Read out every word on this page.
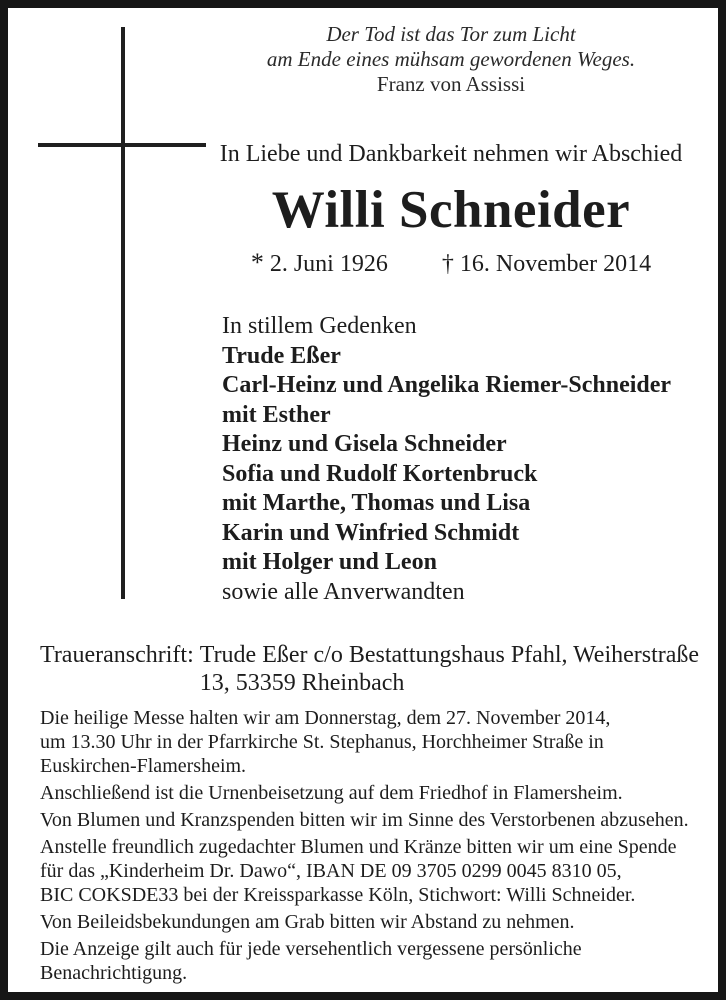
Der Tod ist das Tor zum Licht
am Ende eines mühsam gewordenen Weges.
Franz von Assissi
In Liebe und Dankbarkeit nehmen wir Abschied
Willi Schneider
* 2. Juni 1926 † 16. November 2014
In stillem Gedenken
Trude Eßer
Carl-Heinz und Angelika Riemer-Schneider
mit Esther
Heinz und Gisela Schneider
Sofia und Rudolf Kortenbruck
mit Marthe, Thomas und Lisa
Karin und Winfried Schmidt
mit Holger und Leon
sowie alle Anverwandten
Traueranschrift: Trude Eßer c/o Bestattungshaus Pfahl, Weiherstraße 13, 53359 Rheinbach

Die heilige Messe halten wir am Donnerstag, dem 27. November 2014,
um 13.30 Uhr in der Pfarrkirche St. Stephanus, Horchheimer Straße in
Euskirchen-Flamersheim.

Anschließend ist die Urnenbeisetzung auf dem Friedhof in Flamersheim.

Von Blumen und Kranzspenden bitten wir im Sinne des Verstorbenen abzusehen.

Anstelle freundlich zugedachter Blumen und Kränze bitten wir um eine Spende
für das „Kinderheim Dr. Dawo“, IBAN DE 09 3705 0299 0045 8310 05,
BIC COKSDE33 bei der Kreissparkasse Köln, Stichwort: Willi Schneider.

Von Beileidsbekundungen am Grab bitten wir Abstand zu nehmen.

Die Anzeige gilt auch für jede versehentlich vergessene persönliche
Benachrichtigung.
